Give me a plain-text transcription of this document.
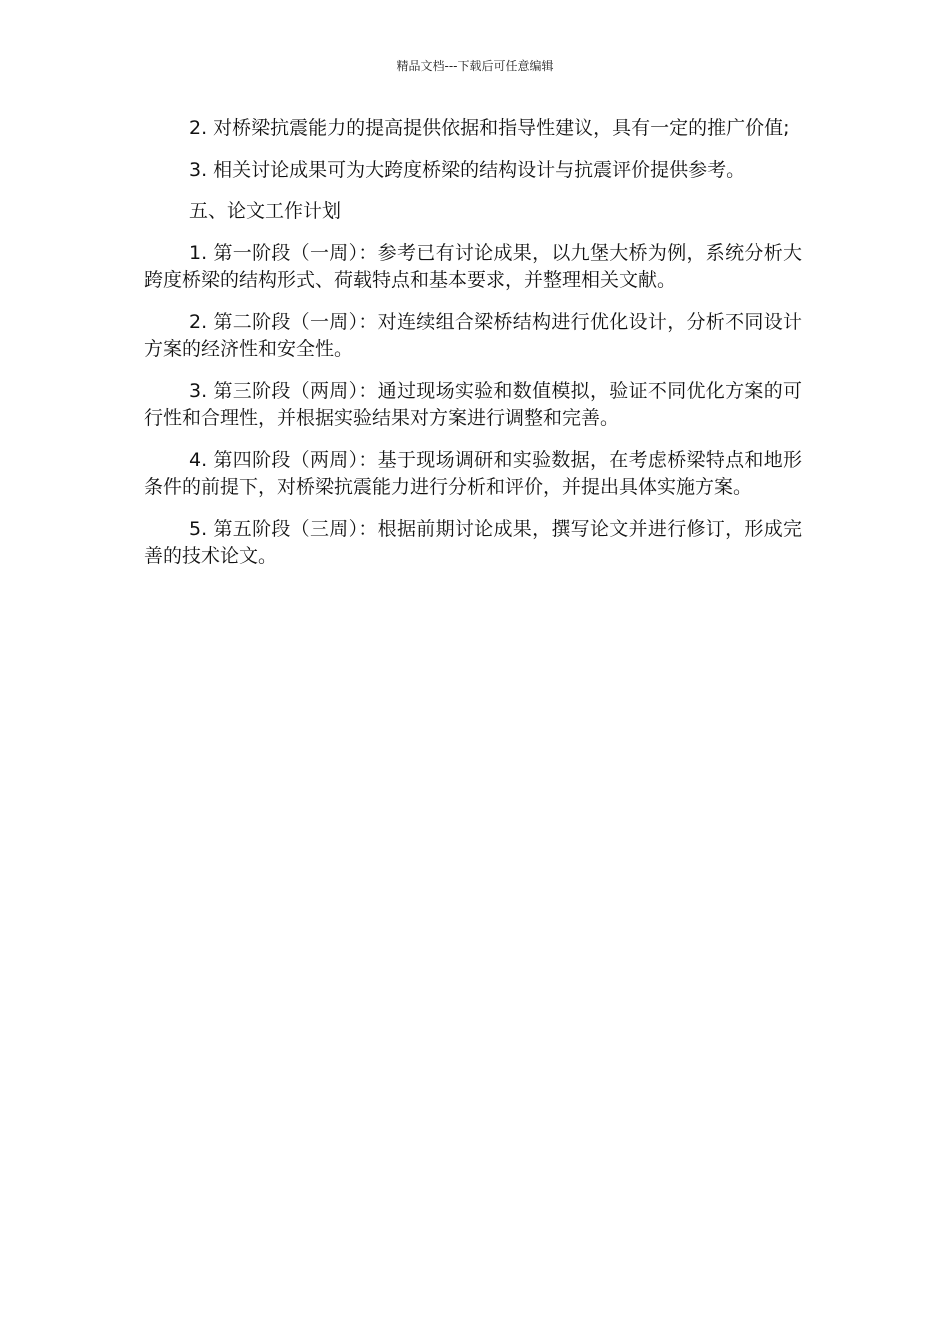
精品文档---下载后可任意编辑

2. 对桥梁抗震能力的提高提供依据和指导性建议，具有一定的推广价值;

3. 相关讨论成果可为大跨度桥梁的结构设计与抗震评价提供参考。

五、论文工作计划

1. 第一阶段（一周）：参考已有讨论成果，以九堡大桥为例，系统分析大跨度桥梁的结构形式、荷载特点和基本要求，并整理相关文献。

2. 第二阶段（一周）：对连续组合梁桥结构进行优化设计，分析不同设计方案的经济性和安全性。

3. 第三阶段（两周）：通过现场实验和数值模拟，验证不同优化方案的可行性和合理性，并根据实验结果对方案进行调整和完善。

4. 第四阶段（两周）：基于现场调研和实验数据，在考虑桥梁特点和地形条件的前提下，对桥梁抗震能力进行分析和评价，并提出具体实施方案。

5. 第五阶段（三周）：根据前期讨论成果，撰写论文并进行修订，形成完善的技术论文。
